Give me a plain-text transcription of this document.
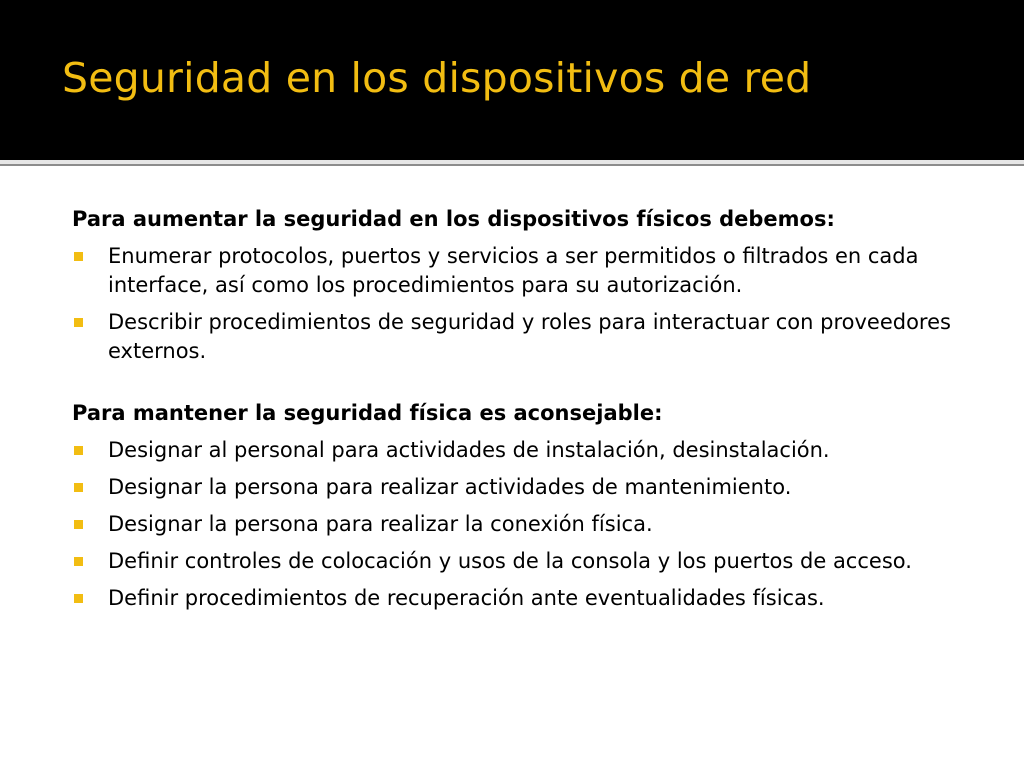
Seguridad en los dispositivos de red

Para aumentar la seguridad en los dispositivos físicos debemos:

Enumerar protocolos, puertos y servicios a ser permitidos o filtrados en cada interface, así como los procedimientos para su autorización.
Describir procedimientos de seguridad y roles para interactuar con proveedores externos.

Para mantener la seguridad física es aconsejable:

Designar al personal para actividades de instalación, desinstalación.
Designar la persona para realizar actividades de mantenimiento.
Designar la persona para realizar la conexión física.
Definir controles de colocación y usos de la consola y los puertos de acceso.
Definir procedimientos de recuperación ante eventualidades físicas.
